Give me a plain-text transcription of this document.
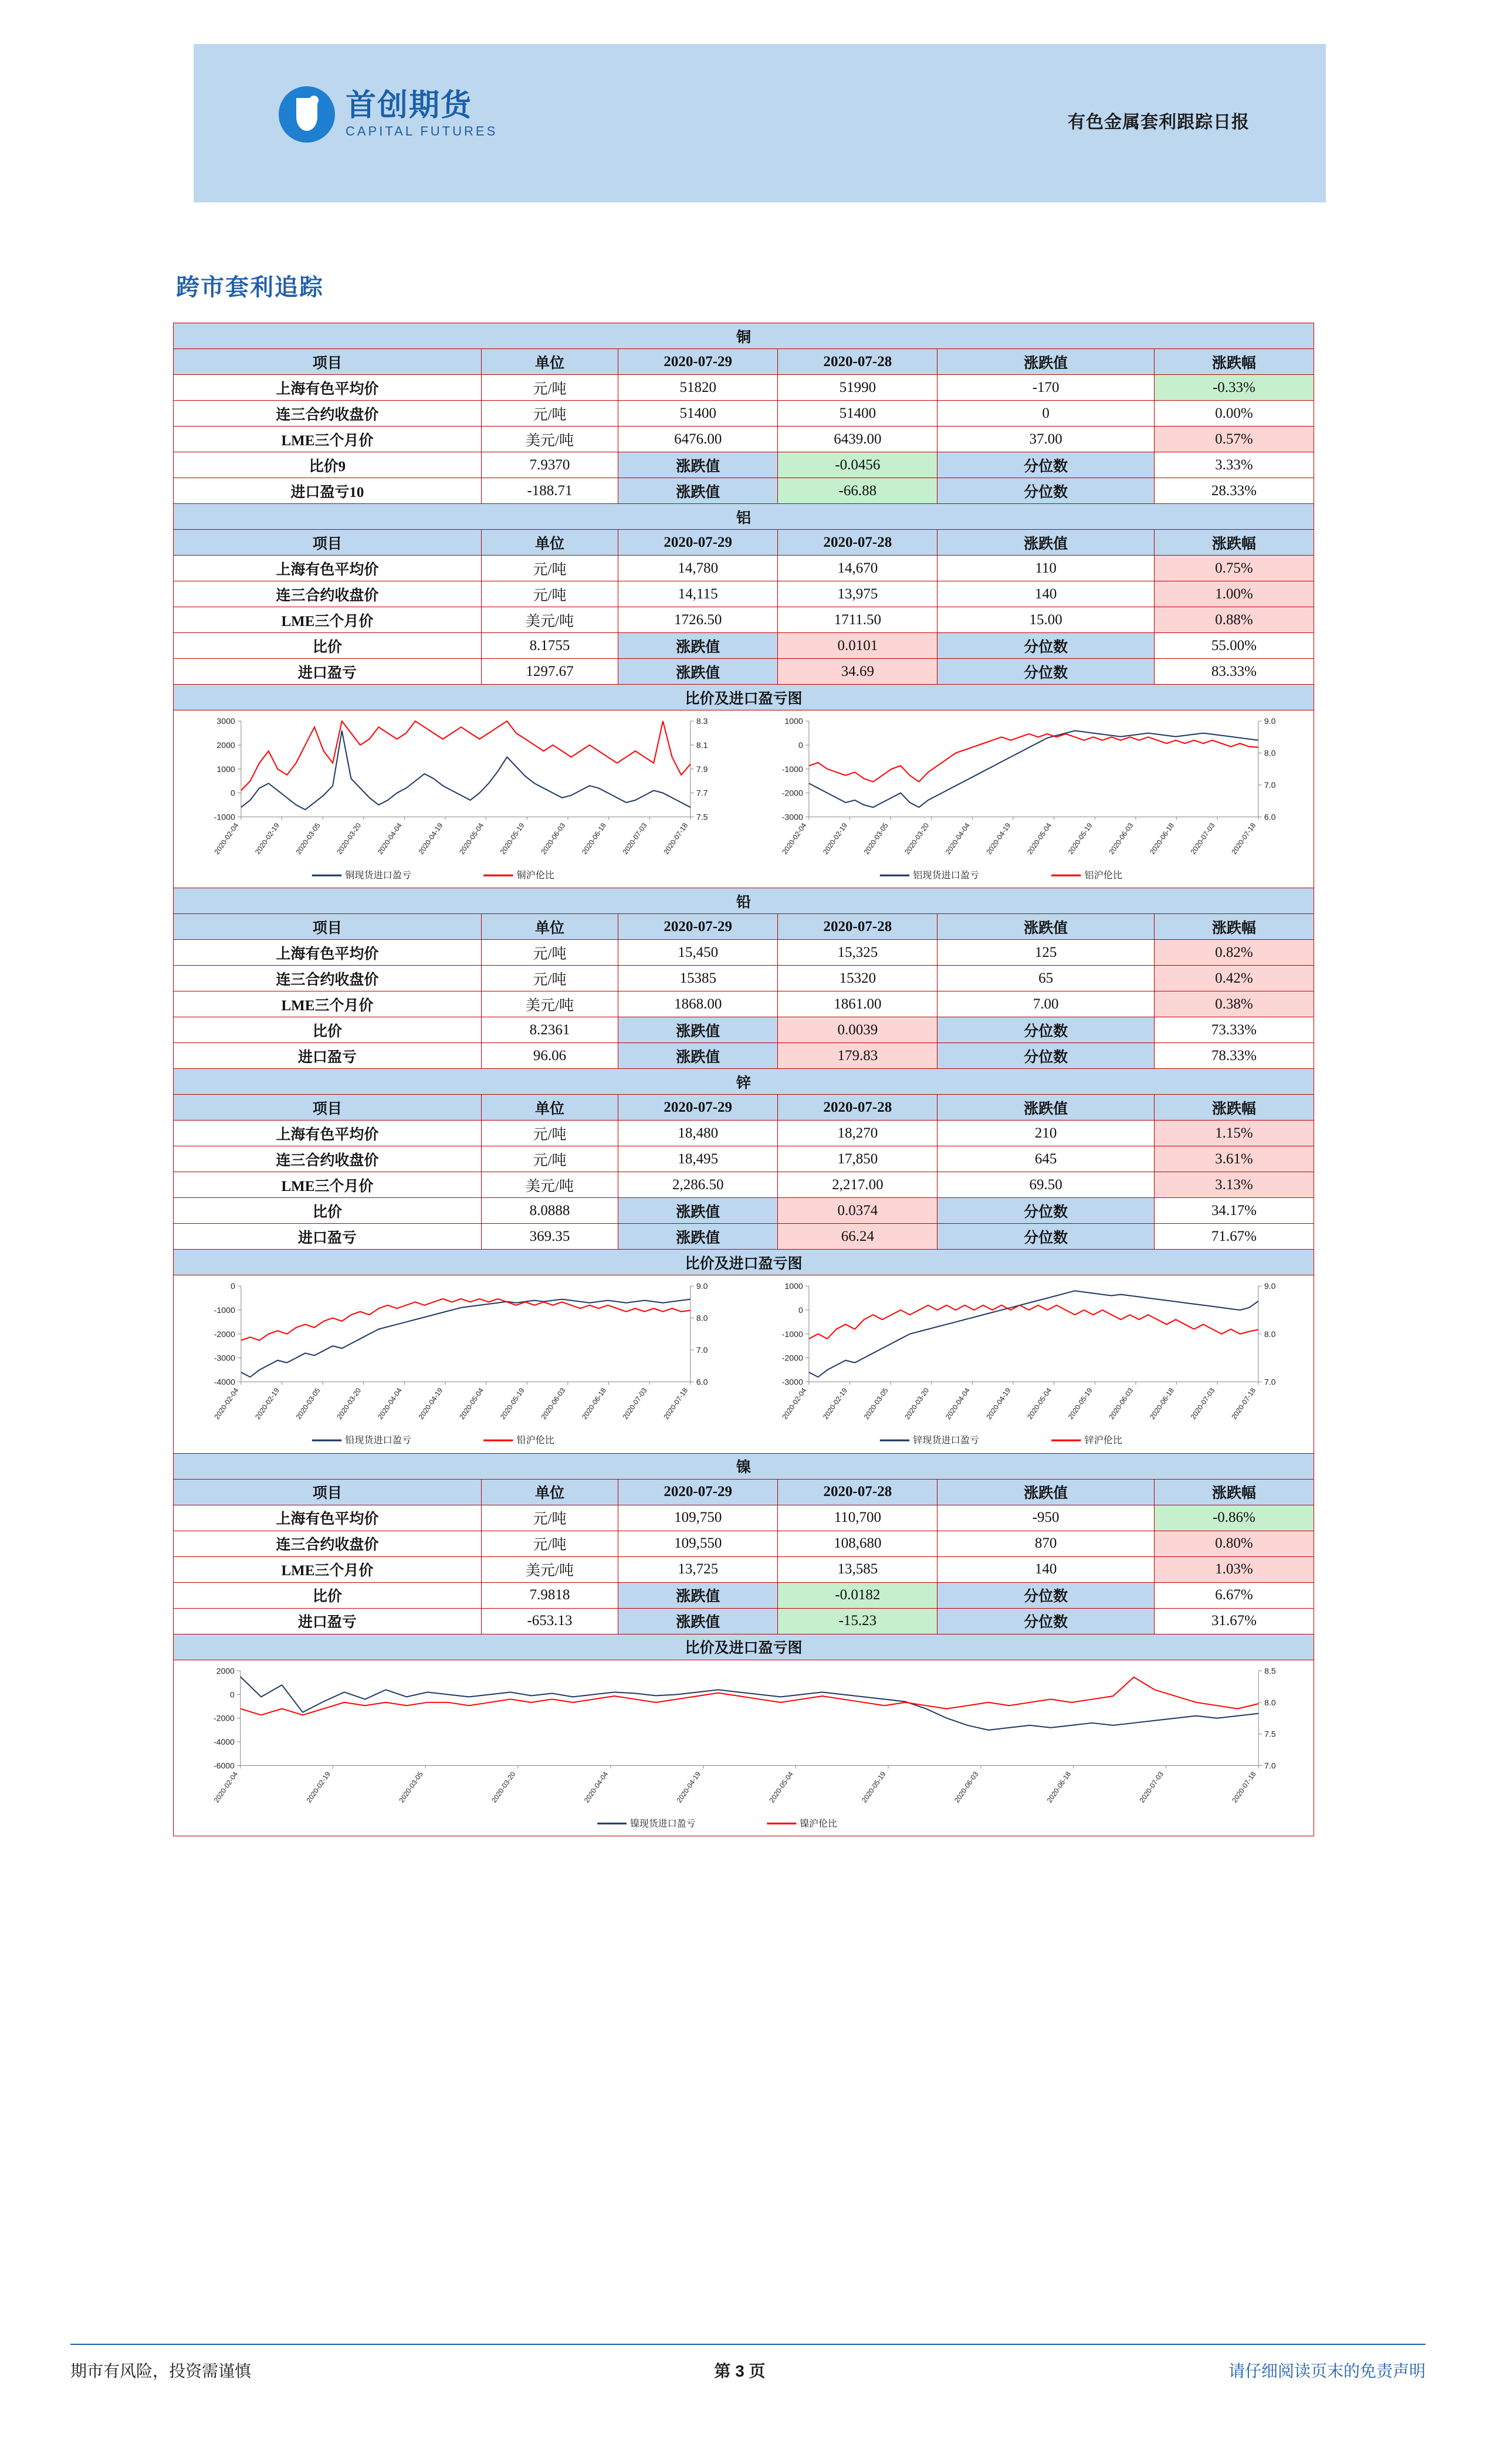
首创期货
CAPITAL FUTURES	有色金属套利跟踪日报
跨市套利追踪
铜					
项目	单位	2020-07-29	2020-07-28	涨跌值	涨跌幅
上海有色平均价	元/吨	51820	51990	-170	-0.33%
连三合约收盘价	元/吨	51400	51400	0	0.00%
LME三个月价	美元/吨	6476.00	6439.00	37.00	0.57%
比价9	7.9370	涨跌值	-0.0456	分位数	3.33%
进口盈亏10	-188.71	涨跌值	-66.88	分位数	28.33%
铝					
项目	单位	2020-07-29	2020-07-28	涨跌值	涨跌幅
上海有色平均价	元/吨	14,780	14,670	110	0.75%
连三合约收盘价	元/吨	14,115	13,975	140	1.00%
LME三个月价	美元/吨	1726.50	1711.50	15.00	0.88%
比价	8.1755	涨跌值	0.0101	分位数	55.00%
进口盈亏	1297.67	涨跌值	34.69	分位数	83.33%
比价及进口盈亏图					

3000
2000
1000
0
-1000
8.3
8.1
7.9
7.7
7.5
2020-02-04 2020-02-19 2020-03-05 2020-03-20 2020-04-04 2020-04-19 2020-05-04 2020-05-19 2020-06-03 2020-06-18 2020-07-03 2020-07-18
铜现货进口盈亏	铜沪伦比
1000
0
-1000
-2000
-3000
9.0
8.0
7.0
6.0
2020-02-04 2020-02-19 2020-03-05 2020-03-20 2020-04-04 2020-04-19 2020-05-04 2020-05-19 2020-06-03 2020-06-18 2020-07-03 2020-07-18
铝现货进口盈亏	铝沪伦比

铅					
项目	单位	2020-07-29	2020-07-28	涨跌值	涨跌幅
上海有色平均价	元/吨	15,450	15,325	125	0.82%
连三合约收盘价	元/吨	15385	15320	65	0.42%
LME三个月价	美元/吨	1868.00	1861.00	7.00	0.38%
比价	8.2361	涨跌值	0.0039	分位数	73.33%
进口盈亏	96.06	涨跌值	179.83	分位数	78.33%
锌					
项目	单位	2020-07-29	2020-07-28	涨跌值	涨跌幅
上海有色平均价	元/吨	18,480	18,270	210	1.15%
连三合约收盘价	元/吨	18,495	17,850	645	3.61%
LME三个月价	美元/吨	2,286.50	2,217.00	69.50	3.13%
比价	8.0888	涨跌值	0.0374	分位数	34.17%
进口盈亏	369.35	涨跌值	66.24	分位数	71.67%
比价及进口盈亏图					

0
-1000
-2000
-3000
-4000
9.0
8.0
7.0
6.0
2020-02-04 2020-02-19 2020-03-05 2020-03-20 2020-04-04 2020-04-19 2020-05-04 2020-05-19 2020-06-03 2020-06-18 2020-07-03 2020-07-18
铅现货进口盈亏	铅沪伦比
1000
0
-1000
-2000
-3000
9.0
8.0
7.0
2020-02-04 2020-02-19 2020-03-05 2020-03-20 2020-04-04 2020-04-19 2020-05-04 2020-05-19 2020-06-03 2020-06-18 2020-07-03 2020-07-18
锌现货进口盈亏	锌沪伦比

镍					
项目	单位	2020-07-29	2020-07-28	涨跌值	涨跌幅
上海有色平均价	元/吨	109,750	110,700	-950	-0.86%
连三合约收盘价	元/吨	109,550	108,680	870	0.80%
LME三个月价	美元/吨	13,725	13,585	140	1.03%
比价	7.9818	涨跌值	-0.0182	分位数	6.67%
进口盈亏	-653.13	涨跌值	-15.23	分位数	31.67%
比价及进口盈亏图					

2000
0
-2000
-4000
-6000
8.5
8.0
7.5
7.0
2020-02-04	2020-02-19	2020-03-05	2020-03-20	2020-04-04	2020-04-19	2020-05-04	2020-05-19	2020-06-03	2020-06-18	2020-07-03	2020-07-18
镍现货进口盈亏	镍沪伦比
期市有风险，投资需谨慎	第 3 页	请仔细阅读页末的免责声明
